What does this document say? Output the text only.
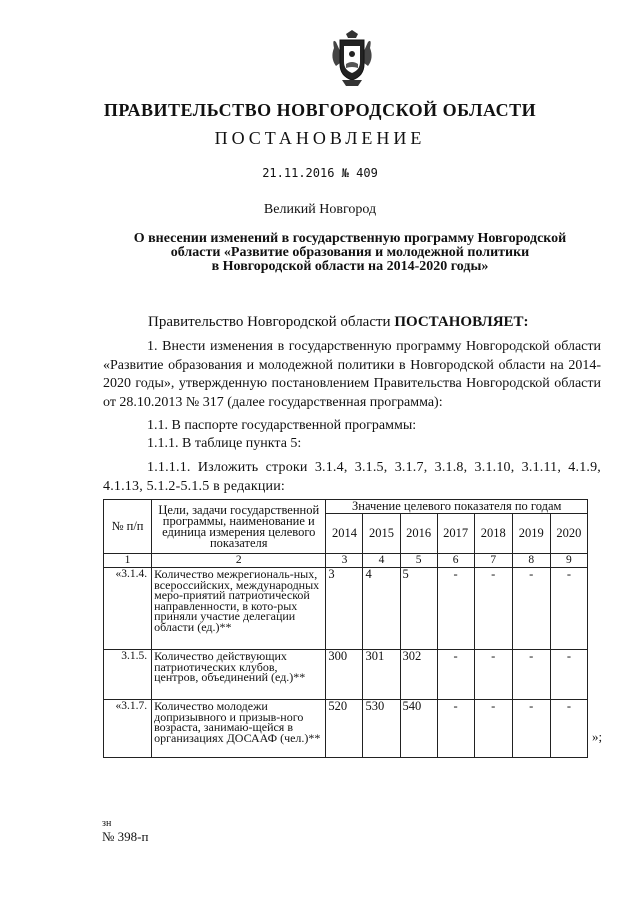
ПРАВИТЕЛЬСТВО НОВГОРОДСКОЙ ОБЛАСТИ
ПОСТАНОВЛЕНИЕ
21.11.2016 № 409
Великий Новгород
О внесении изменений в государственную программу Новгородской
области «Развитие образования и молодежной политики
в Новгородской области на 2014-2020 годы»
Правительство Новгородской области ПОСТАНОВЛЯЕТ:
1. Внести изменения в государственную программу Новгородской области «Развитие образования и молодежной политики в Новгородской области на 2014-2020 годы», утвержденную постановлением Правительства Новгородской области от 28.10.2013 № 317 (далее государственная программа):
1.1. В паспорте государственной программы:
1.1.1. В таблице пункта 5:
1.1.1.1. Изложить строки 3.1.4, 3.1.5, 3.1.7, 3.1.8, 3.1.10, 3.1.11, 4.1.9, 4.1.13, 5.1.2-5.1.5 в редакции:
№ п/п	Цели, задачи государственной программы, наименование и единица измерения целевого показателя	Значение целевого показателя по годам						
		2014	2015	2016	2017	2018	2019	2020
1	2	3	4	5	6	7	8	9
«3.1.4.	Количество межрегиональ-ных, всероссийских, международных меро-приятий патриотической направленности, в кото-рых приняли участие делегации области (ед.)**	3	4	5	-	-	-	-
3.1.5.	Количество действующих патриотических клубов, центров, объединений (ед.)**	300	301	302	-	-	-	-
«3.1.7.	Количество молодежи допризывного и призыв-ного возраста, занимаю-щейся в организациях ДОСААФ (чел.)**	520	530	540	-	-	-	-
»;
зн
№ 398-п
